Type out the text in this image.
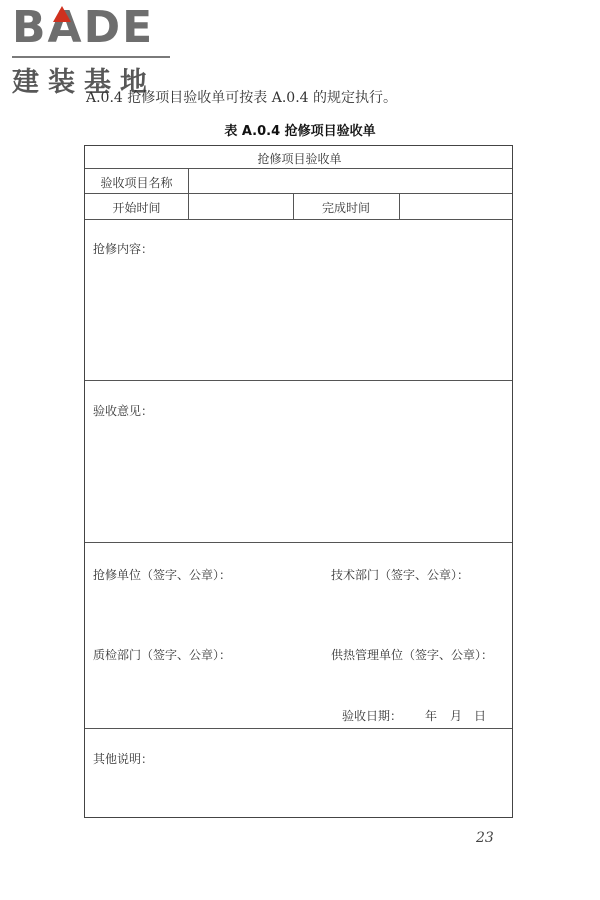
BADE
建装基地
A.0.4 抢修项目验收单可按表 A.0.4 的规定执行。
表 A.0.4 抢修项目验收单
抢修项目验收单
验收项目名称
开始时间	完成时间
抢修内容：
验收意见：
抢修单位（签字、公章）：	技术部门（签字、公章）：
质检部门（签字、公章）：	供热管理单位（签字、公章）：
验收日期： 年 月 日
其他说明：
23
